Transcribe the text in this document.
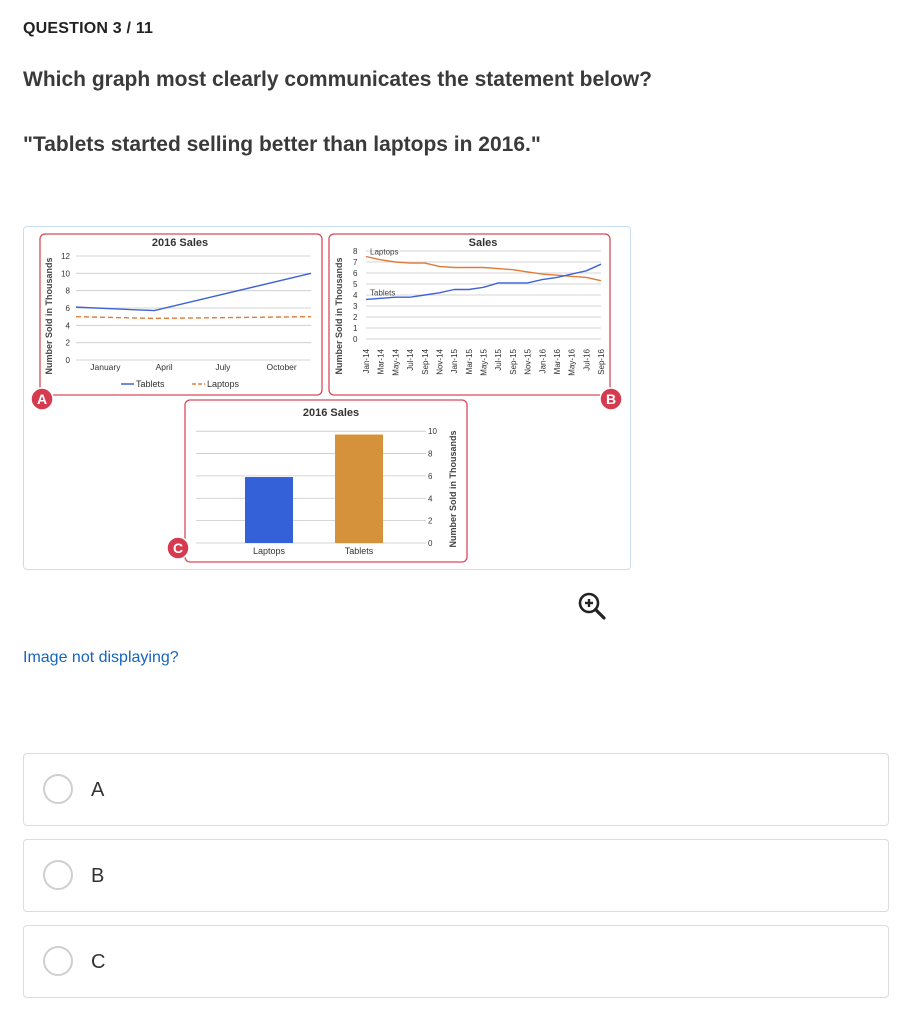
QUESTION 3 / 11
Which graph most clearly communicates the statement below?
"Tablets started selling better than laptops in 2016."
2016 Sales
Number Sold in Thousands 0
2
4
6
8
10
12
January	April	July	October
Tablets	Laptops
A
Sales
Number Sold in Thousands 0
1
2
3
4
5
6
7
8
Jan-14 Mar-14 May-14 Jul-14 Sep-14 Nov-14 Jan-15 Mar-15 May-15 Jul-15 Sep-15 Nov-15 Jan-16 Mar-16 May-16 Jul-16 Sep-16
Laptops
Tablets
B
2016 Sales
Number Sold in Thousands
0
2
4
6
8
10
Laptops	Tablets
C
Image not displaying?
A
B
C
